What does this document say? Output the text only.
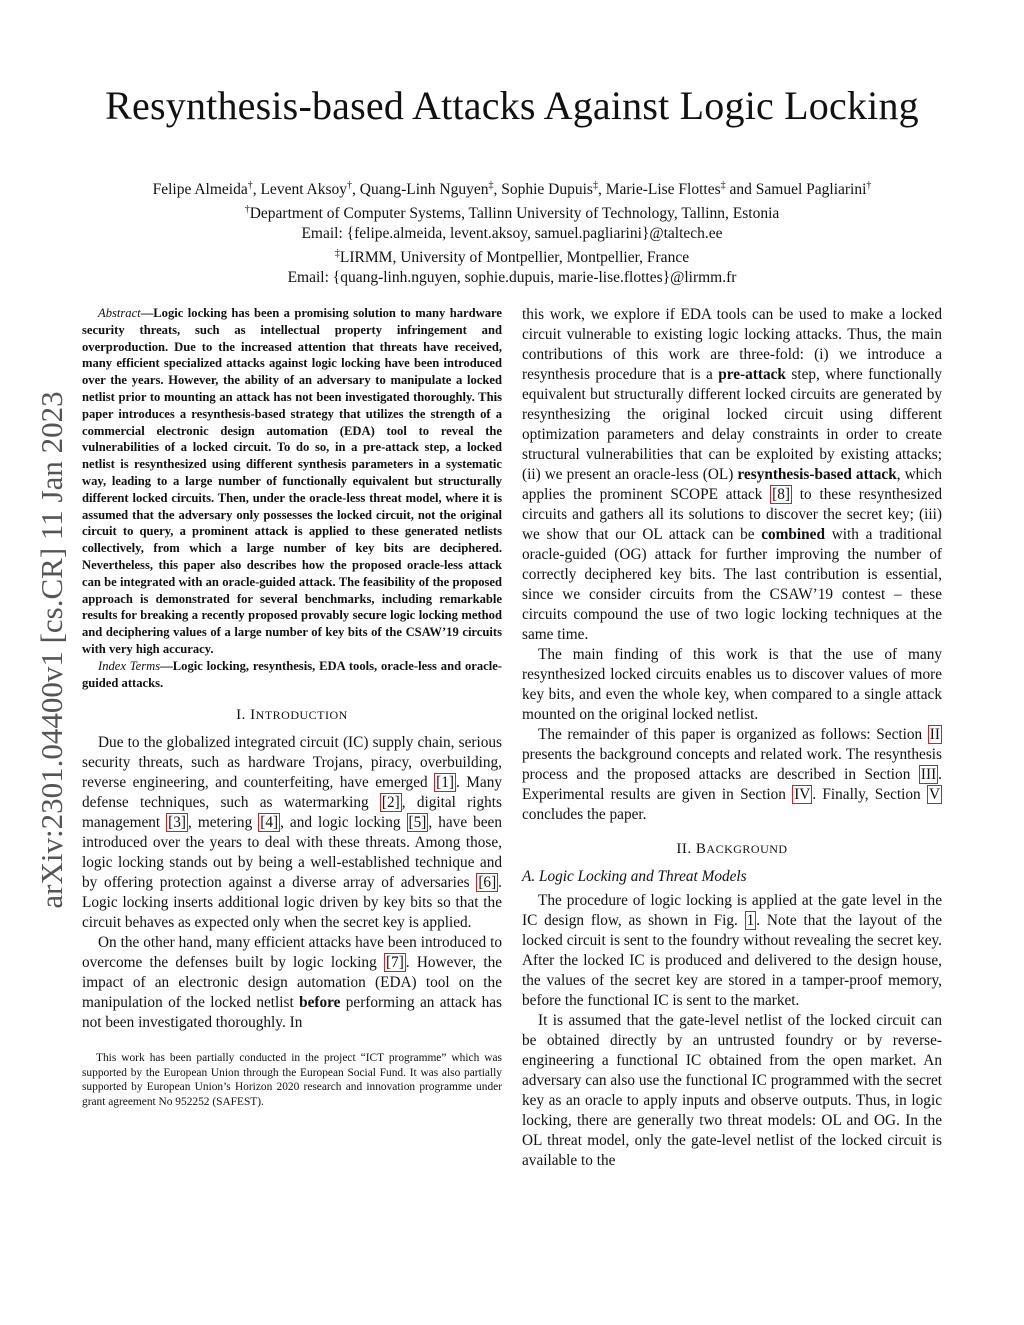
arXiv:2301.04400v1 [cs.CR] 11 Jan 2023
Resynthesis-based Attacks Against Logic Locking
Felipe Almeida†, Levent Aksoy†, Quang-Linh Nguyen‡, Sophie Dupuis‡, Marie-Lise Flottes‡ and Samuel Pagliarini†
†Department of Computer Systems, Tallinn University of Technology, Tallinn, Estonia
Email: {felipe.almeida, levent.aksoy, samuel.pagliarini}@taltech.ee
‡LIRMM, University of Montpellier, Montpellier, France
Email: {quang-linh.nguyen, sophie.dupuis, marie-lise.flottes}@lirmm.fr

Abstract—Logic locking has been a promising solution to many hardware security threats, such as intellectual property infringement and overproduction. Due to the increased attention that threats have received, many efficient specialized attacks against logic locking have been introduced over the years. However, the ability of an adversary to manipulate a locked netlist prior to mounting an attack has not been investigated thoroughly. This paper introduces a resynthesis-based strategy that utilizes the strength of a commercial electronic design automation (EDA) tool to reveal the vulnerabilities of a locked circuit. To do so, in a pre-attack step, a locked netlist is resynthesized using different synthesis parameters in a systematic way, leading to a large number of functionally equivalent but structurally different locked circuits. Then, under the oracle-less threat model, where it is assumed that the adversary only possesses the locked circuit, not the original circuit to query, a prominent attack is applied to these generated netlists collectively, from which a large number of key bits are deciphered. Nevertheless, this paper also describes how the proposed oracle-less attack can be integrated with an oracle-guided attack. The feasibility of the proposed approach is demonstrated for several benchmarks, including remarkable results for breaking a recently proposed provably secure logic locking method and deciphering values of a large number of key bits of the CSAW’19 circuits with very high accuracy.

Index Terms—Logic locking, resynthesis, EDA tools, oracle-less and oracle-guided attacks.

I. INTRODUCTION

Due to the globalized integrated circuit (IC) supply chain, serious security threats, such as hardware Trojans, piracy, overbuilding, reverse engineering, and counterfeiting, have emerged [1] . Many defense techniques, such as watermarking [2] , digital rights management [3] , metering [4] , and logic locking [5] , have been introduced over the years to deal with these threats. Among those, logic locking stands out by being a well-established technique and by offering protection against a diverse array of adversaries [6] . Logic locking inserts additional logic driven by key bits so that the circuit behaves as expected only when the secret key is applied.

On the other hand, many efficient attacks have been introduced to overcome the defenses built by logic locking [7] . However, the impact of an electronic design automation (EDA) tool on the manipulation of the locked netlist before performing an attack has not been investigated thoroughly. In

This work has been partially conducted in the project “ICT programme” which was supported by the European Union through the European Social Fund. It was also partially supported by European Union’s Horizon 2020 research and innovation programme under grant agreement No 952252 (SAFEST).

this work, we explore if EDA tools can be used to make a locked circuit vulnerable to existing logic locking attacks. Thus, the main contributions of this work are three-fold: (i) we introduce a resynthesis procedure that is a pre-attack step, where functionally equivalent but structurally different locked circuits are generated by resynthesizing the original locked circuit using different optimization parameters and delay constraints in order to create structural vulnerabilities that can be exploited by existing attacks; (ii) we present an oracle-less (OL) resynthesis-based attack, which applies the prominent SCOPE attack [8] to these resynthesized circuits and gathers all its solutions to discover the secret key; (iii) we show that our OL attack can be combined with a traditional oracle-guided (OG) attack for further improving the number of correctly deciphered key bits. The last contribution is essential, since we consider circuits from the CSAW’19 contest – these circuits compound the use of two logic locking techniques at the same time.

The main finding of this work is that the use of many resynthesized locked circuits enables us to discover values of more key bits, and even the whole key, when compared to a single attack mounted on the original locked netlist.

The remainder of this paper is organized as follows: Section II presents the background concepts and related work. The resynthesis process and the proposed attacks are described in Section III . Experimental results are given in Section IV . Finally, Section V concludes the paper.

II. BACKGROUND
A. Logic Locking and Threat Models

The procedure of logic locking is applied at the gate level in the IC design flow, as shown in Fig. 1 . Note that the layout of the locked circuit is sent to the foundry without revealing the secret key. After the locked IC is produced and delivered to the design house, the values of the secret key are stored in a tamper-proof memory, before the functional IC is sent to the market.

It is assumed that the gate-level netlist of the locked circuit can be obtained directly by an untrusted foundry or by reverse-engineering a functional IC obtained from the open market. An adversary can also use the functional IC programmed with the secret key as an oracle to apply inputs and observe outputs. Thus, in logic locking, there are generally two threat models: OL and OG. In the OL threat model, only the gate-level netlist of the locked circuit is available to the
